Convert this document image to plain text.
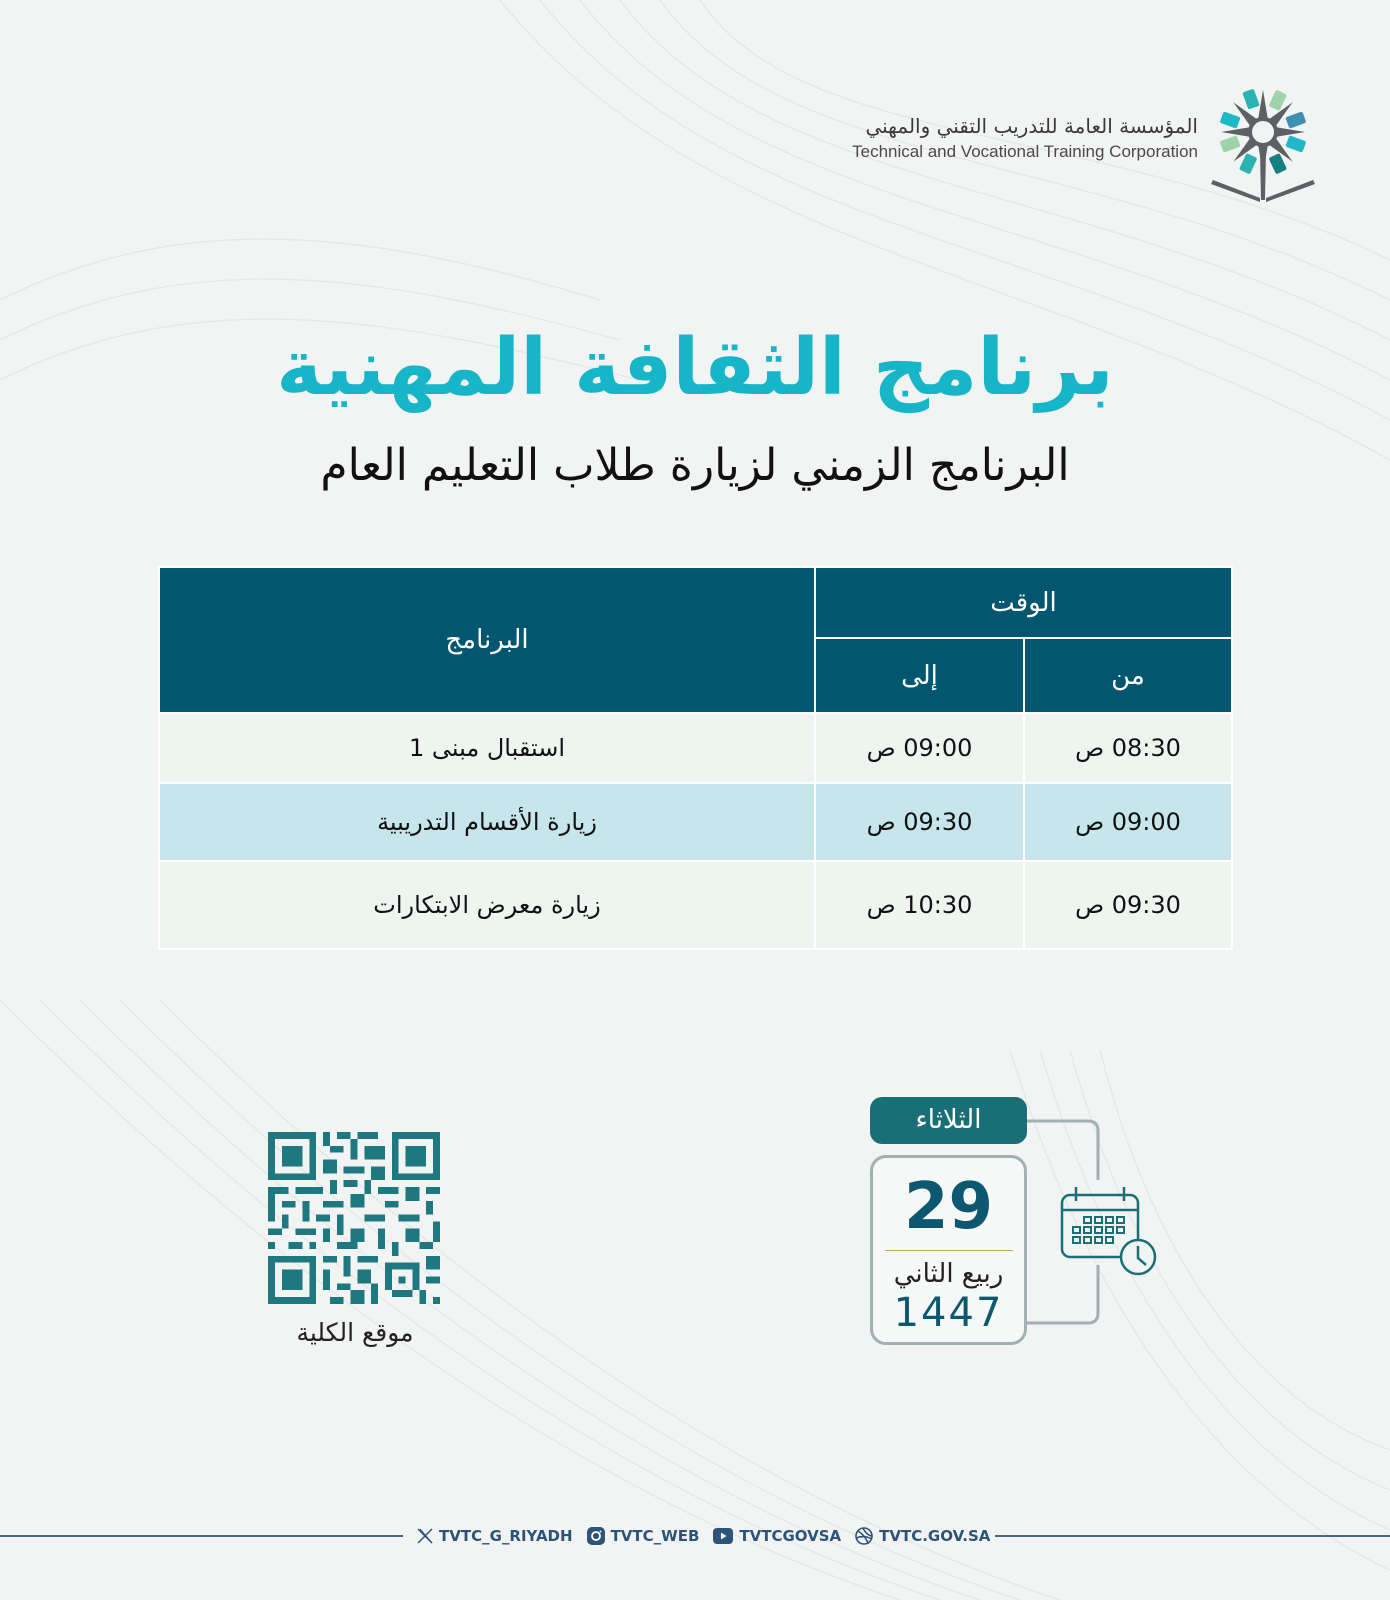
المؤسسة العامة للتدريب التقني والمهني
Technical and Vocational Training Corporation
برنامج الثقافة المهنية
البرنامج الزمني لزيارة طلاب التعليم العام
الوقت		البرنامج
من	إلى	
08:30 ص	09:00 ص	استقبال مبنى 1
09:00 ص	09:30 ص	زيارة الأقسام التدريبية
09:30 ص	10:30 ص	زيارة معرض الابتكارات
الثلاثاء
29
ربيع الثاني
1447
موقع الكلية
TVTC_G_RIYADH	TVTC_WEB	TVTCGOVSA	TVTC.GOV.SA
